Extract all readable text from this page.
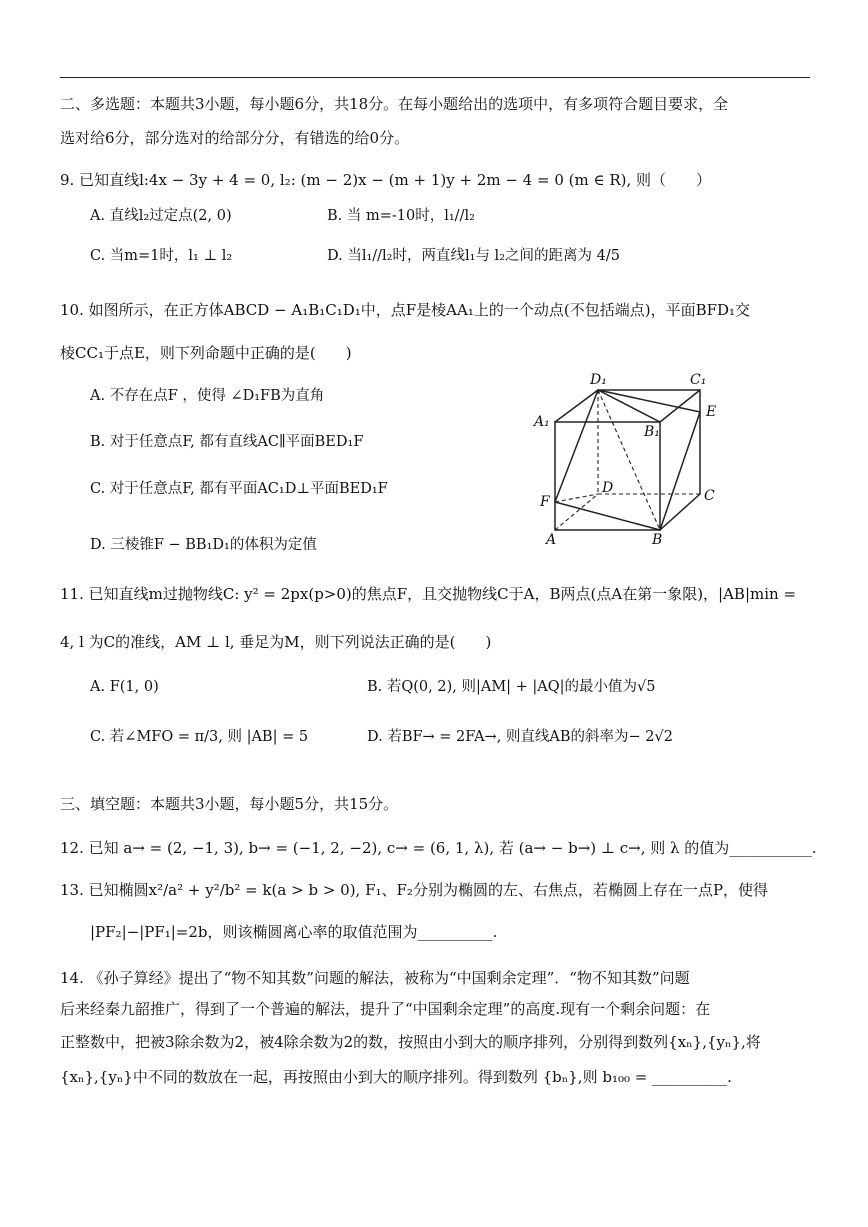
二、多选题：本题共3小题，每小题6分，共18分。在每小题给出的选项中，有多项符合题目要求，全
选对给6分，部分选对的给部分分，有错选的给0分。
9. 已知直线l:4x − 3y + 4 = 0, l₂: (m − 2)x − (m + 1)y + 2m − 4 = 0 (m ∈ R), 则（　　）
A. 直线l₂过定点(2, 0)	B. 当 m=-10时，l₁//l₂
C. 当m=1时，l₁ ⊥ l₂	D. 当l₁//l₂时，两直线l₁与 l₂之间的距离为 4/5
10. 如图所示，在正方体ABCD − A₁B₁C₁D₁中，点F是棱AA₁上的一个动点(不包括端点)，平面BFD₁交
棱CC₁于点E，则下列命题中正确的是(　　)
A. 不存在点F ，使得 ∠D₁FB为直角
B. 对于任意点F, 都有直线AC∥平面BED₁F
C. 对于任意点F, 都有平面AC₁D⊥平面BED₁F
D. 三棱锥F − BB₁D₁的体积为定值
D₁	C₁
A₁
B₁
E
D	C
F
A	B
11. 已知直线m过抛物线C: y² = 2px(p>0)的焦点F，且交抛物线C于A，B两点(点A在第一象限)，|AB|min =
4, l 为C的准线，AM ⊥ l, 垂足为M，则下列说法正确的是(　　)
A. F(1, 0)	B. 若Q(0, 2), 则|AM| + |AQ|的最小值为√5
C. 若∠MFO = π/3, 则 |AB| = 5	D. 若BF→ = 2FA→, 则直线AB的斜率为− 2√2
三、填空题：本题共3小题，每小题5分，共15分。
12. 已知 a→ = (2, −1, 3), b→ = (−1, 2, −2), c→ = (6, 1, λ), 若 (a→ − b→) ⊥ c→, 则 λ 的值为___________.
13. 已知椭圆x²/a² + y²/b² = k(a > b > 0), F₁、F₂分别为椭圆的左、右焦点，若椭圆上存在一点P，使得
|PF₂|−|PF₁|=2b，则该椭圆离心率的取值范围为__________.
14. 《孙子算经》提出了“物不知其数”问题的解法，被称为“中国剩余定理”．“物不知其数”问题
后来经秦九韶推广，得到了一个普遍的解法，提升了“中国剩余定理”的高度.现有一个剩余问题：在
正整数中，把被3除余数为2，被4除余数为2的数，按照由小到大的顺序排列，分别得到数列{xₙ},{yₙ},将
{xₙ},{yₙ}中不同的数放在一起，再按照由小到大的顺序排列。得到数列 {bₙ},则 b₁₀₀ = __________.
